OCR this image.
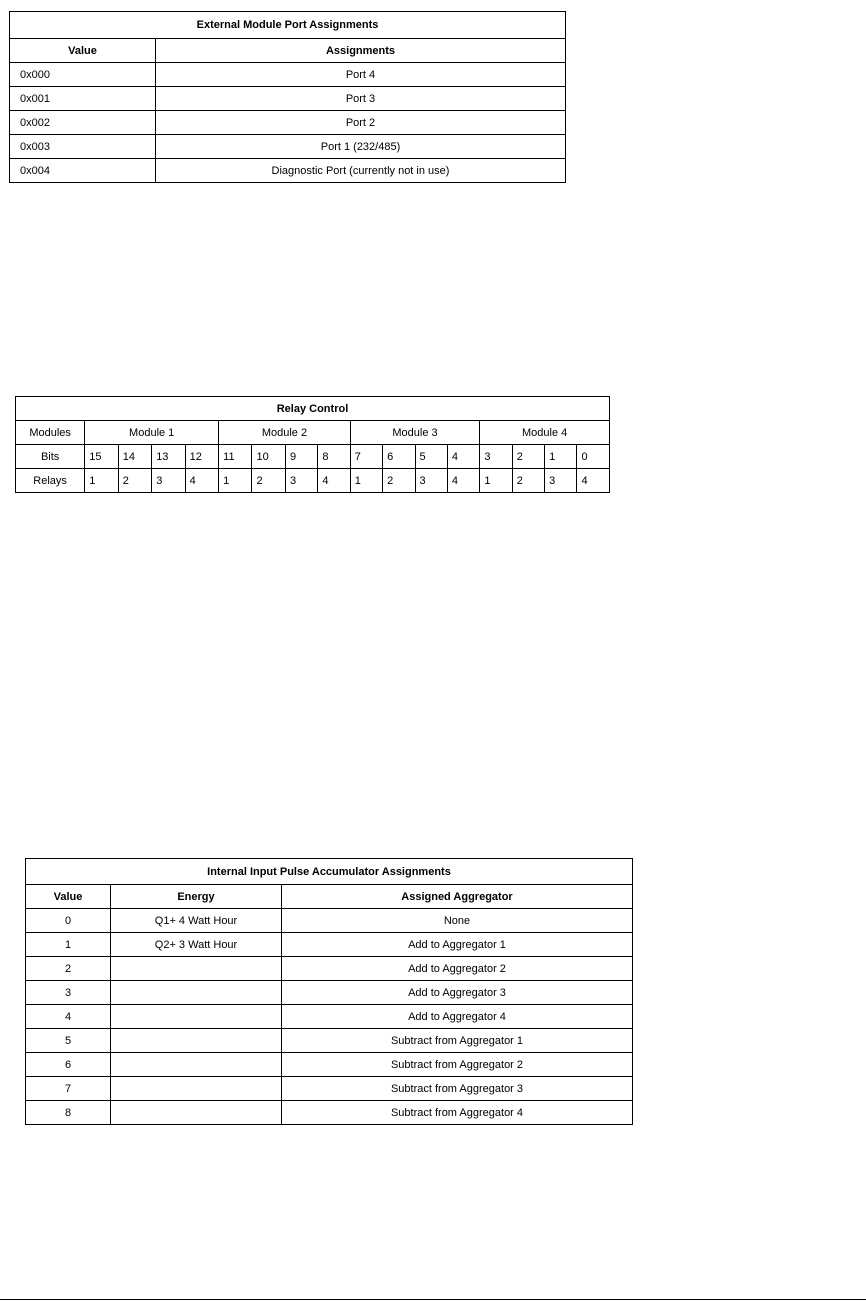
External Module Port Assignments	
Value	Assignments
0x000	Port 4
0x001	Port 3
0x002	Port 2
0x003	Port 1 (232/485)
0x004	Diagnostic Port (currently not in use)
Relay Control																
Modules	Module 1				Module 2				Module 3				Module 4			
Bits	15	14	13	12	11	10	9	8	7	6	5	4	3	2	1	0
Relays	1	2	3	4	1	2	3	4	1	2	3	4	1	2	3	4
Internal Input Pulse Accumulator Assignments		
Value	Energy	Assigned Aggregator
0	Q1+ 4 Watt Hour	None
1	Q2+ 3 Watt Hour	Add to Aggregator 1
2		Add to Aggregator 2
3		Add to Aggregator 3
4		Add to Aggregator 4
5		Subtract from Aggregator 1
6		Subtract from Aggregator 2
7		Subtract from Aggregator 3
8		Subtract from Aggregator 4
